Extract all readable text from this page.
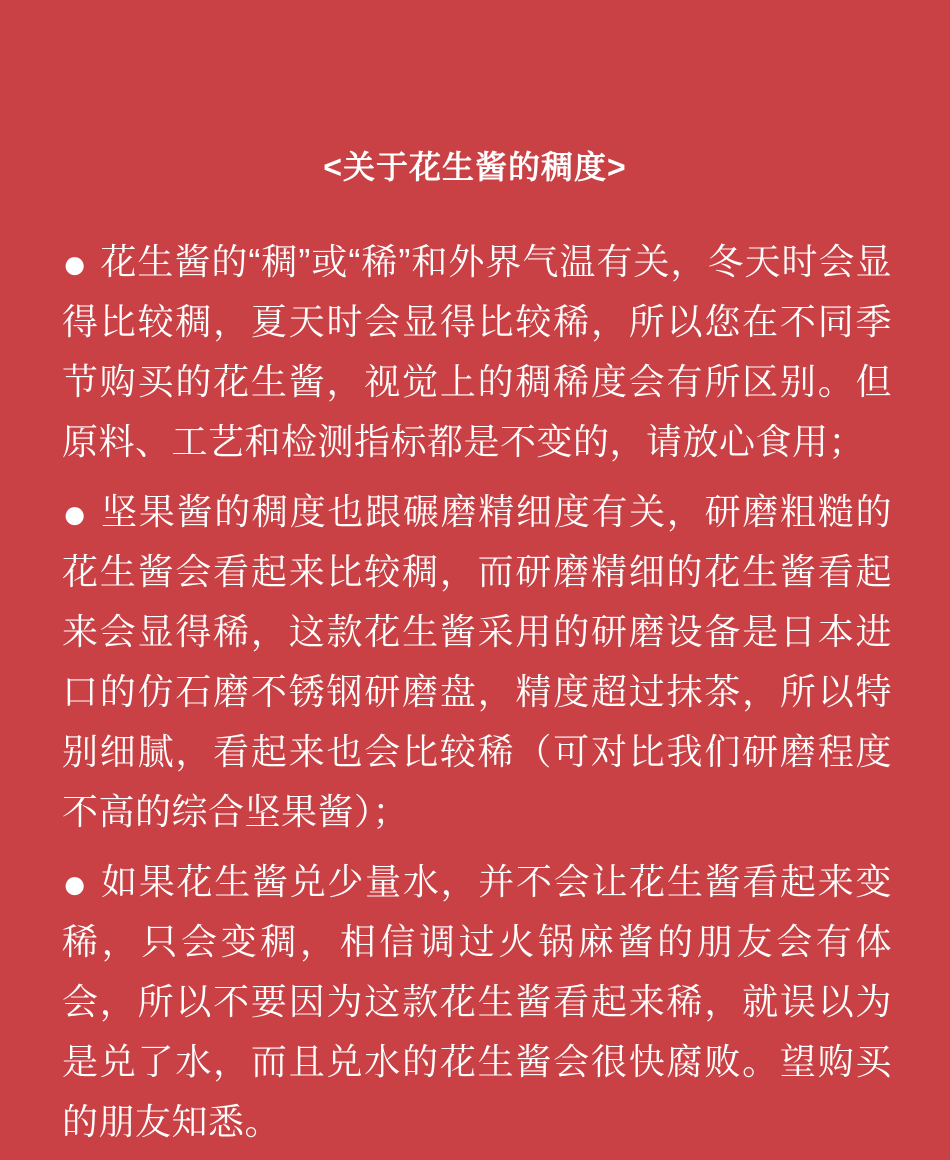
<关于花生酱的稠度>

● 花生酱的“稠”或“稀”和外界气温有关，冬天时会显得比较稠，夏天时会显得比较稀，所以您在不同季节购买的花生酱，视觉上的稠稀度会有所区别。但原料、工艺和检测指标都是不变的，请放心食用；

● 坚果酱的稠度也跟碾磨精细度有关，研磨粗糙的花生酱会看起来比较稠，而研磨精细的花生酱看起来会显得稀，这款花生酱采用的研磨设备是日本进口的仿石磨不锈钢研磨盘，精度超过抹茶，所以特别细腻，看起来也会比较稀（可对比我们研磨程度不高的综合坚果酱）；

● 如果花生酱兑少量水，并不会让花生酱看起来变稀，只会变稠，相信调过火锅麻酱的朋友会有体会，所以不要因为这款花生酱看起来稀，就误以为是兑了水，而且兑水的花生酱会很快腐败。望购买的朋友知悉。
